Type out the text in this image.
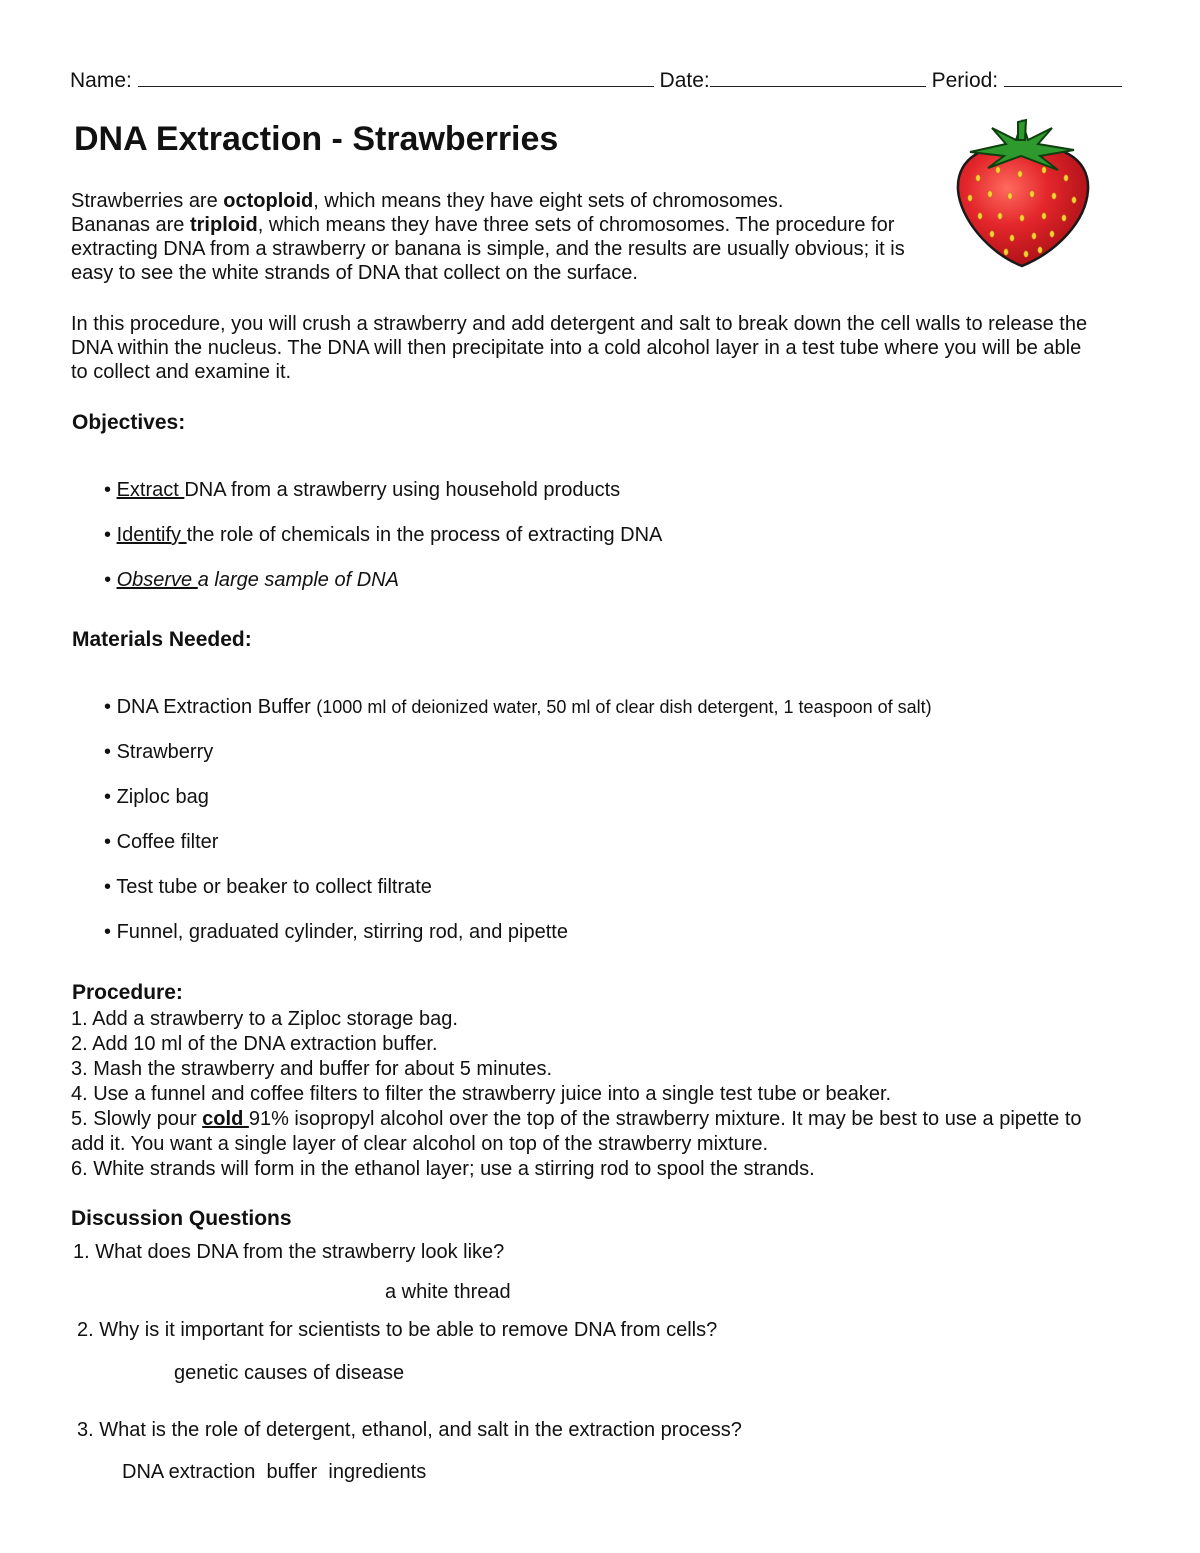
Name:	Date:	Period:
DNA Extraction - Strawberries
Strawberries are octoploid, which means they have eight sets of chromosomes.
Bananas are triploid, which means they have three sets of chromosomes. The procedure for extracting DNA from a strawberry or banana is simple, and the results are usually obvious; it is easy to see the white strands of DNA that collect on the surface.
In this procedure, you will crush a strawberry and add detergent and salt to break down the cell walls to release the DNA within the nucleus. The DNA will then precipitate into a cold alcohol layer in a test tube where you will be able to collect and examine it.
Objectives:
• Extract DNA from a strawberry using household products
• Identify the role of chemicals in the process of extracting DNA
• Observe a large sample of DNA
Materials Needed:
• DNA Extraction Buffer (1000 ml of deionized water, 50 ml of clear dish detergent, 1 teaspoon of salt)
• Strawberry
• Ziploc bag
• Coffee filter
• Test tube or beaker to collect filtrate
• Funnel, graduated cylinder, stirring rod, and pipette
Procedure:
1. Add a strawberry to a Ziploc storage bag.
2. Add 10 ml of the DNA extraction buffer.
3. Mash the strawberry and buffer for about 5 minutes.
4. Use a funnel and coffee filters to filter the strawberry juice into a single test tube or beaker.
5. Slowly pour cold 91% isopropyl alcohol over the top of the strawberry mixture. It may be best to use a pipette to add it. You want a single layer of clear alcohol on top of the strawberry mixture.
6. White strands will form in the ethanol layer; use a stirring rod to spool the strands.
Discussion Questions
1. What does DNA from the strawberry look like?
a white thread
2. Why is it important for scientists to be able to remove DNA from cells?
genetic causes of disease
3. What is the role of detergent, ethanol, and salt in the extraction process?
DNA extraction  buffer  ingredients
